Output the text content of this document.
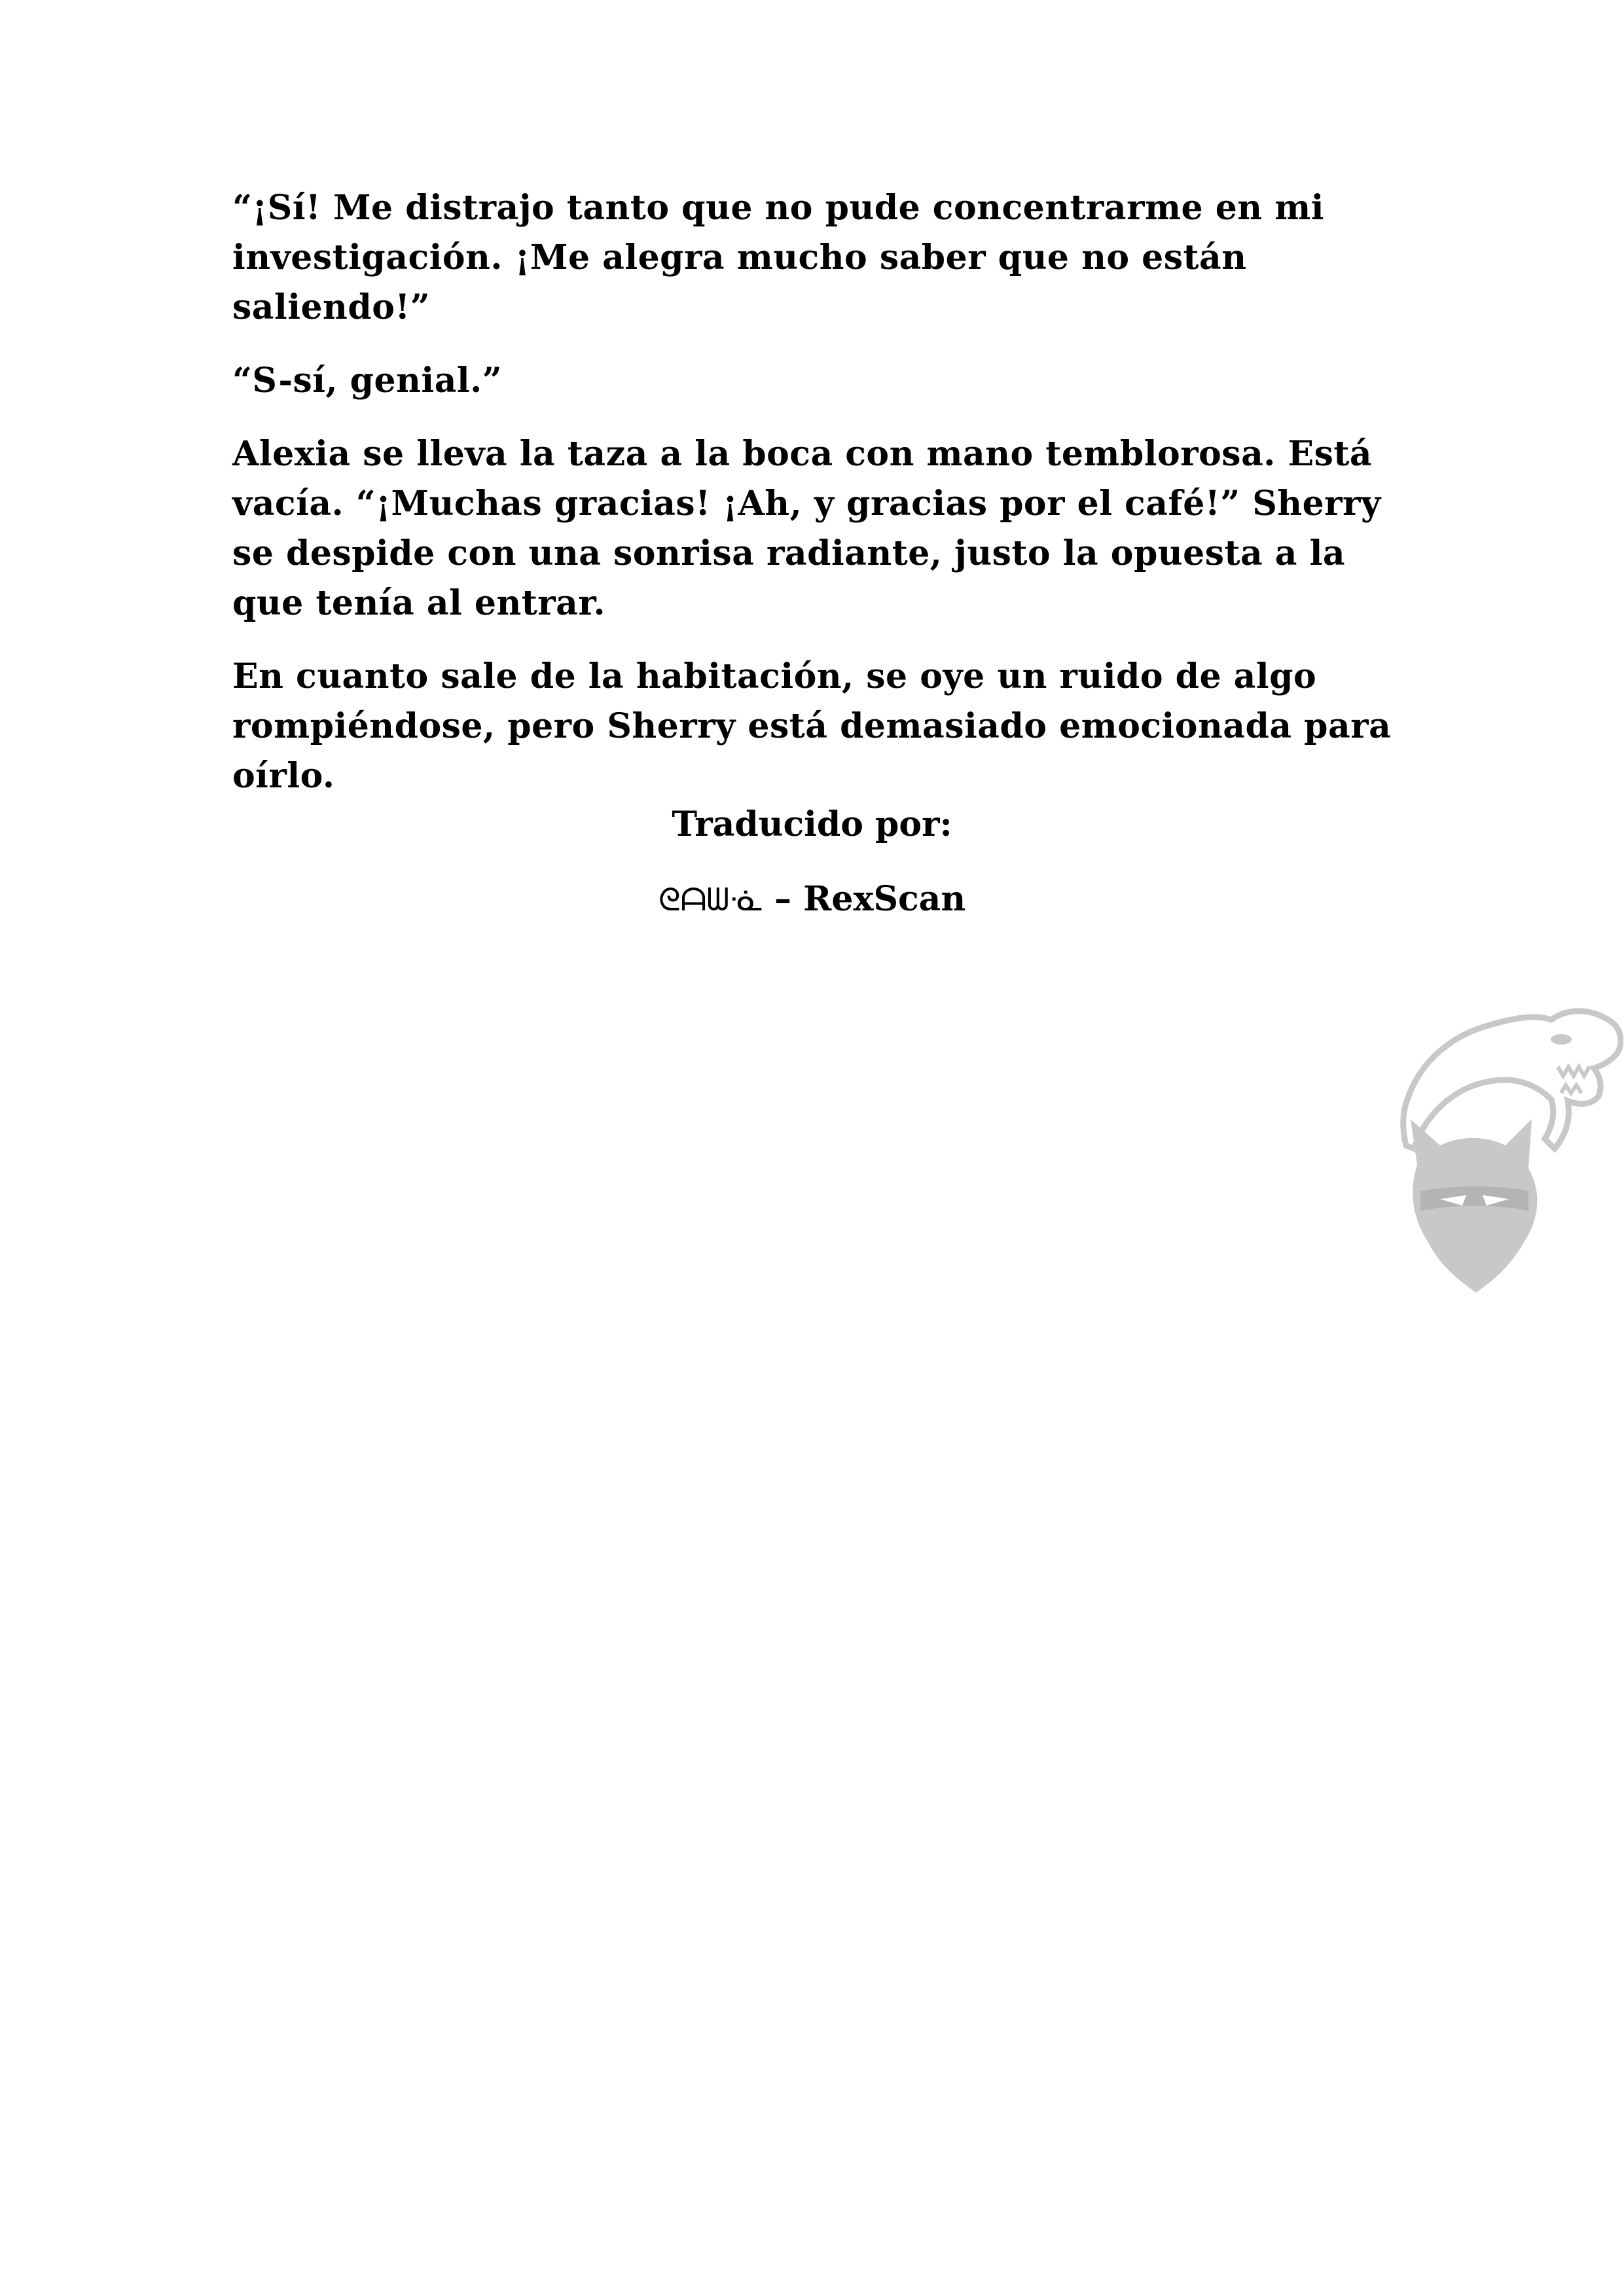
“¡Sí! Me distrajo tanto que no pude concentrarme en mi investigación. ¡Me alegra mucho saber que no están saliendo!”

“S-sí, genial.”

Alexia se lleva la taza a la boca con mano temblorosa. Está vacía. “¡Muchas gracias! ¡Ah, y gracias por el café!” Sherry se despide con una sonrisa radiante, justo la opuesta a la que tenía al entrar.

En cuanto sale de la habitación, se oye un ruido de algo rompiéndose, pero Sherry está demasiado emocionada para oírlo.

Traducido por:
ᘓᗩᗯᓍ – RexScan
